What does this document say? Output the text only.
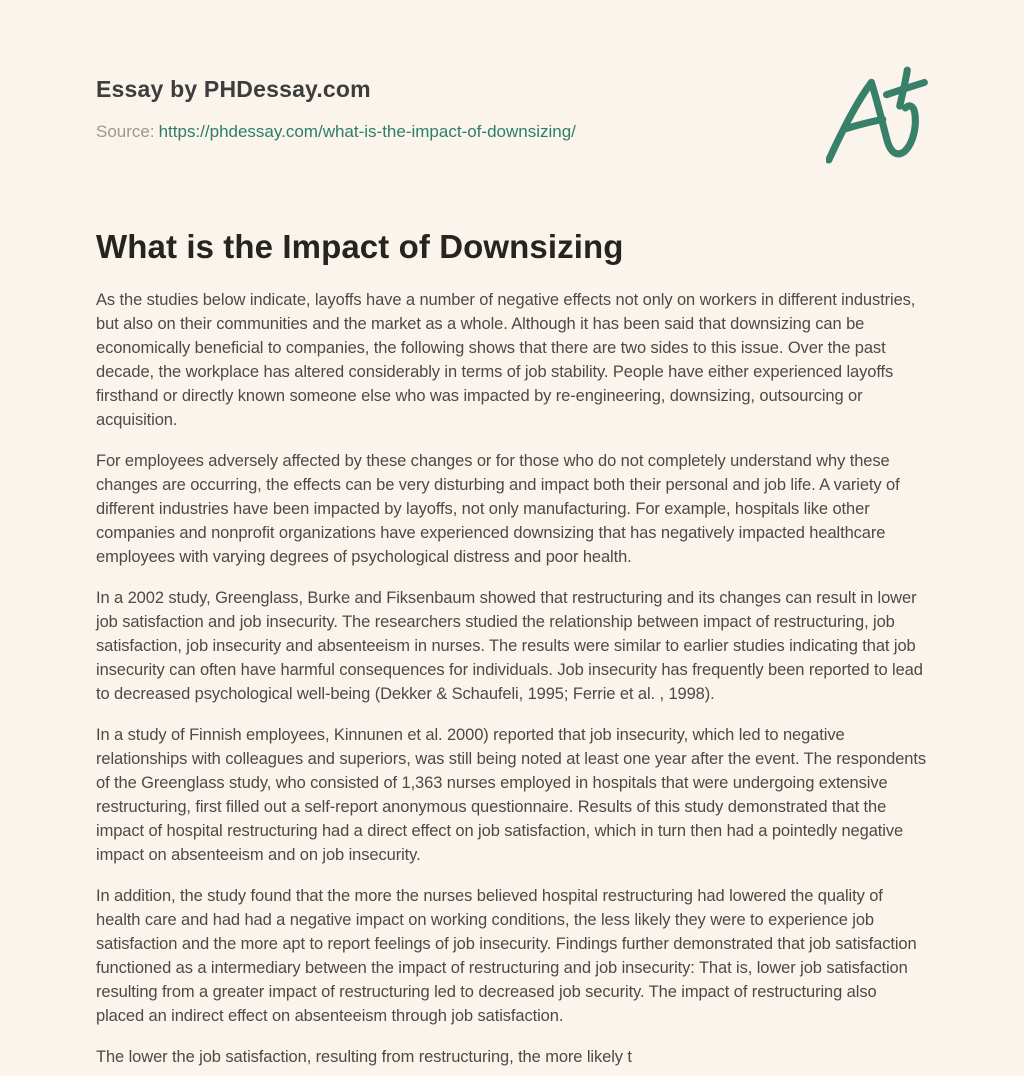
Essay by PHDessay.com
Source: https://phdessay.com/what-is-the-impact-of-downsizing/
What is the Impact of Downsizing

As the studies below indicate, layoffs have a number of negative effects not only on workers in different industries, but also on their communities and the market as a whole. Although it has been said that downsizing can be economically beneficial to companies, the following shows that there are two sides to this issue. Over the past decade, the workplace has altered considerably in terms of job stability. People have either experienced layoffs firsthand or directly known someone else who was impacted by re-engineering, downsizing, outsourcing or acquisition.

For employees adversely affected by these changes or for those who do not completely understand why these changes are occurring, the effects can be very disturbing and impact both their personal and job life. A variety of different industries have been impacted by layoffs, not only manufacturing. For example, hospitals like other companies and nonprofit organizations have experienced downsizing that has negatively impacted healthcare employees with varying degrees of psychological distress and poor health.

In a 2002 study, Greenglass, Burke and Fiksenbaum showed that restructuring and its changes can result in lower job satisfaction and job insecurity. The researchers studied the relationship between impact of restructuring, job satisfaction, job insecurity and absenteeism in nurses. The results were similar to earlier studies indicating that job insecurity can often have harmful consequences for individuals. Job insecurity has frequently been reported to lead to decreased psychological well-being (Dekker & Schaufeli, 1995; Ferrie et al. , 1998).

In a study of Finnish employees, Kinnunen et al. 2000) reported that job insecurity, which led to negative relationships with colleagues and superiors, was still being noted at least one year after the event. The respondents of the Greenglass study, who consisted of 1,363 nurses employed in hospitals that were undergoing extensive restructuring, first filled out a self-report anonymous questionnaire. Results of this study demonstrated that the impact of hospital restructuring had a direct effect on job satisfaction, which in turn then had a pointedly negative impact on absenteeism and on job insecurity.

In addition, the study found that the more the nurses believed hospital restructuring had lowered the quality of health care and had had a negative impact on working conditions, the less likely they were to experience job satisfaction and the more apt to report feelings of job insecurity. Findings further demonstrated that job satisfaction functioned as a intermediary between the impact of restructuring and job insecurity: That is, lower job satisfaction resulting from a greater impact of restructuring led to decreased job security. The impact of restructuring also placed an indirect effect on absenteeism through job satisfaction.

The lower the job satisfaction, resulting from restructuring, the more likely t
